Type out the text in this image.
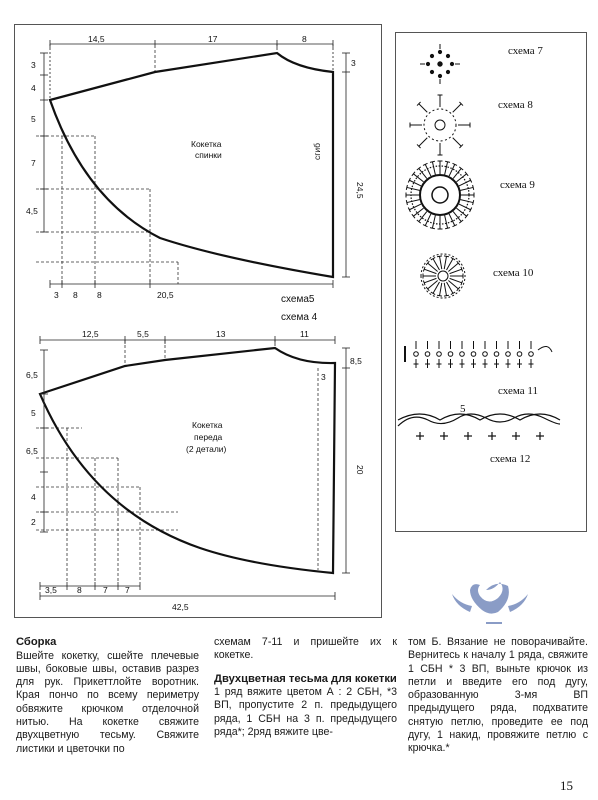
14,5	17	8
3
4
5
7
4,5
3
24,5
3 8 8	20,5
Кокетка
спинки	сгиб
схема5
схема 4
12,5	5,5	13	11
6,5
5
6,5
4
2
8,5
3
20
3,5 8	7 7
42,5
Кокетка
переда
(2 детали)
схема 7
схема 8
схема 9
схема 10
схема 11
5
схема 12
Сборка

Вшейте кокетку, сшейте плечевые швы, боковые швы, оставив разрез для рук. Прикеттлойте воротник. Края пончо по всему периметру обвяжите крючком отделочной нитью. На кокетке свяжите двухцветную тесьму. Свяжите листики и цветочки по

схемам 7-11 и пришейте их к кокетке.

Двухцветная тесьма для кокетки

1 ряд вяжите цветом А : 2 СБН, *3 ВП, пропустите 2 п. предыдущего ряда, 1 СБН на 3 п. предыдущего ряда*; 2ряд вяжите цве-

том Б. Вязание не поворачивайте. Вернитесь к началу 1 ряда, свяжите 1 СБН * 3 ВП, выньте крючок из петли и введите его под дугу, образованную 3-мя ВП предыдущего ряда, подхватите снятую петлю, проведите ее под дугу, 1 накид, провяжите петлю с крючка.*

15
